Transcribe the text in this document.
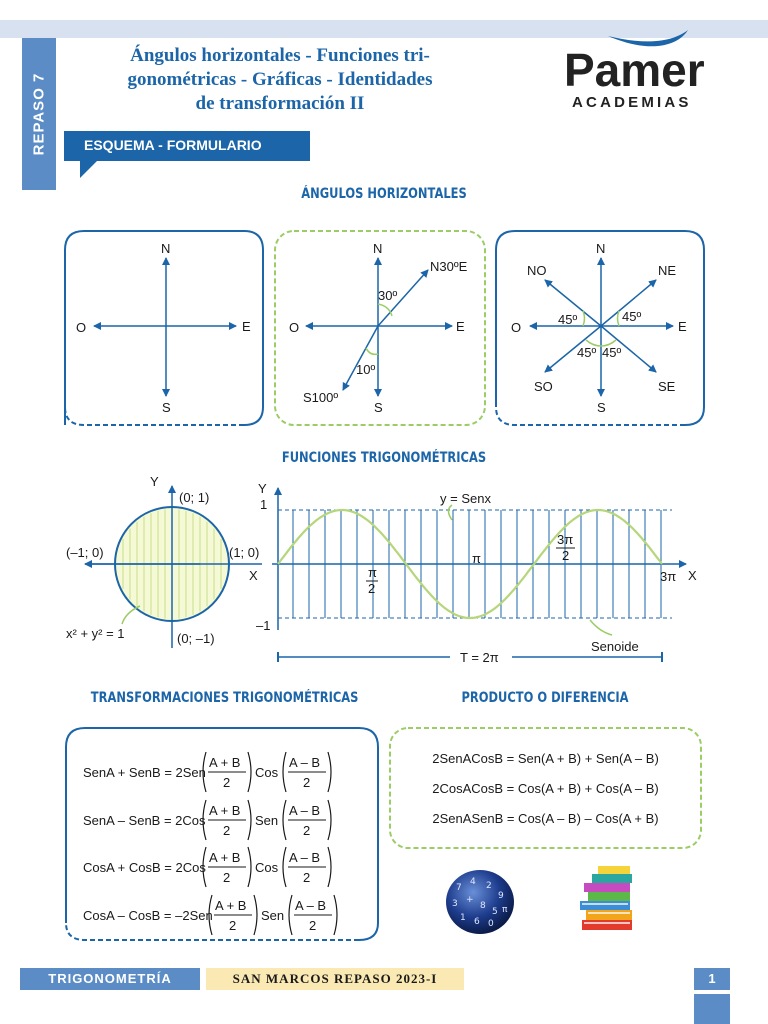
REPASO 7
Ángulos horizontales - Funciones tri-
gonométricas - Gráficas - Identidades
de transformación II
Pamer
ACADEMIAS
ESQUEMA - FORMULARIO
ÁNGULOS HORIZONTALES
FUNCIONES TRIGONOMÉTRICAS
TRANSFORMACIONES TRIGONOMÉTRICAS	PRODUCTO O DIFERENCIA
N
S
E
O
N
S
E
O
N30ºE
30º
10º
S100º
N
S
E
O
NO	NE
SO	SE
45º	45º
45º 45º
Y
X
(0; 1)
(0; –1)
(–1; 0)	(1; 0)
x² + y² = 1
Y
X
1
–1
y = Senx
π
2
π
3π
2
3π
Senoide
T = 2π
SenA + SenB = 2Sen
A + B
2
Cos
A – B
2
SenA – SenB = 2Cos
A + B
2
Sen
A – B
2
CosA + CosB = 2Cos
A + B
2
Cos
A – B
2
CosA – CosB = –2Sen
A + B
2
Sen
A – B
2
2SenACosB = Sen(A + B) + Sen(A – B)
2CosACosB = Cos(A + B) + Cos(A – B)
2SenASenB = Cos(A – B) – Cos(A + B)
7
4 2
9
3 +
8
5
1 6 0
π
TRIGONOMETRÍA	SAN MARCOS REPASO 2023-I	1
